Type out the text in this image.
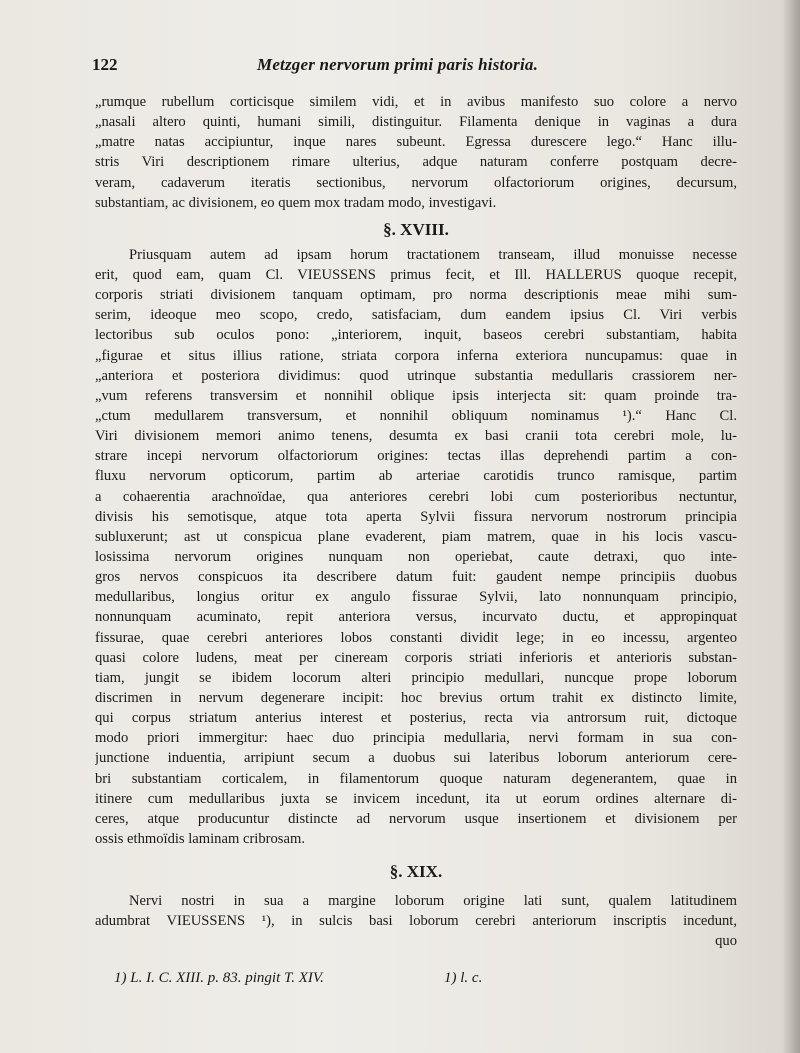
122	Metzger nervorum primi paris historia.
„rumque rubellum corticisque similem vidi, et in avibus manifesto suo colore a nervo
„nasali altero quinti, humani simili, distinguitur. Filamenta denique in vaginas a dura
„matre natas accipiuntur, inque nares subeunt. Egressa durescere lego.“ Hanc illu-
stris Viri descriptionem rimare ulterius, adque naturam conferre postquam decre-
veram, cadaverum iteratis sectionibus, nervorum olfactoriorum origines, decursum,
substantiam, ac divisionem, eo quem mox tradam modo, investigavi.
§. XVIII.
Priusquam autem ad ipsam horum tractationem transeam, illud monuisse necesse
erit, quod eam, quam Cl. VIEUSSENS primus fecit, et Ill. HALLERUS quoque recepit,
corporis striati divisionem tanquam optimam, pro norma descriptionis meae mihi sum-
serim, ideoque meo scopo, credo, satisfaciam, dum eandem ipsius Cl. Viri verbis
lectoribus sub oculos pono: „interiorem, inquit, baseos cerebri substantiam, habita
„figurae et situs illius ratione, striata corpora inferna exteriora nuncupamus: quae in
„anteriora et posteriora dividimus: quod utrinque substantia medullaris crassiorem ner-
„vum referens transversim et nonnihil oblique ipsis interjecta sit: quam proinde tra-
„ctum medullarem transversum, et nonnihil obliquum nominamus ¹).“ Hanc Cl.
Viri divisionem memori animo tenens, desumta ex basi cranii tota cerebri mole, lu-
strare incepi nervorum olfactoriorum origines: tectas illas deprehendi partim a con-
fluxu nervorum opticorum, partim ab arteriae carotidis trunco ramisque, partim
a cohaerentia arachnoïdae, qua anteriores cerebri lobi cum posterioribus nectuntur,
divisis his semotisque, atque tota aperta Sylvii fissura nervorum nostrorum principia
subluxerunt; ast ut conspicua plane evaderent, piam matrem, quae in his locis vascu-
losissima nervorum origines nunquam non operiebat, caute detraxi, quo inte-
gros nervos conspicuos ita describere datum fuit: gaudent nempe principiis duobus
medullaribus, longius oritur ex angulo fissurae Sylvii, lato nonnunquam principio,
nonnunquam acuminato, repit anteriora versus, incurvato ductu, et appropinquat
fissurae, quae cerebri anteriores lobos constanti dividit lege; in eo incessu, argenteo
quasi colore ludens, meat per cineream corporis striati inferioris et anterioris substan-
tiam, jungit se ibidem locorum alteri principio medullari, nuncque prope loborum
discrimen in nervum degenerare incipit: hoc brevius ortum trahit ex distincto limite,
qui corpus striatum anterius interest et posterius, recta via antrorsum ruit, dictoque
modo priori immergitur: haec duo principia medullaria, nervi formam in sua con-
junctione induentia, arripiunt secum a duobus sui lateribus loborum anteriorum cere-
bri substantiam corticalem, in filamentorum quoque naturam degenerantem, quae in
itinere cum medullaribus juxta se invicem incedunt, ita ut eorum ordines alternare di-
ceres, atque producuntur distincte ad nervorum usque insertionem et divisionem per
ossis ethmoïdis laminam cribrosam.
§. XIX.
Nervi nostri in sua a margine loborum origine lati sunt, qualem latitudinem
adumbrat VIEUSSENS ¹), in sulcis basi loborum cerebri anteriorum inscriptis incedunt,
quo
1) L. I. C. XIII. p. 83. pingit T. XIV.	1) l. c.
